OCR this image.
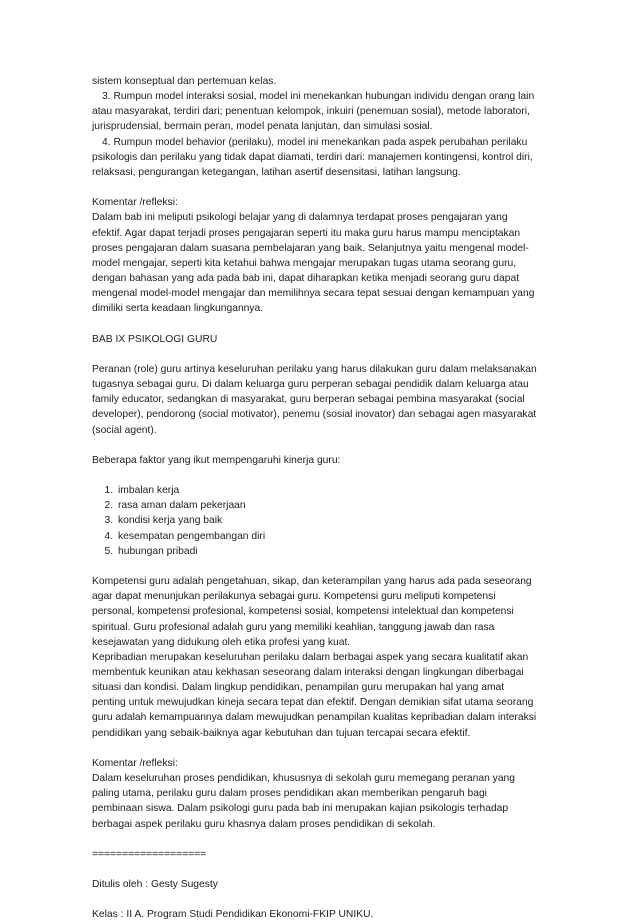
sistem konseptual dan pertemuan kelas.

3. Rumpun model interaksi sosial, model ini menekankan hubungan individu dengan orang lain

atau masyarakat, terdiri dari; penentuan kelompok, inkuiri (penemuan sosial), metode laboratori,

jurisprudensial, bermain peran, model penata lanjutan, dan simulasi sosial.

4. Rumpun model behavior (perilaku), model ini menekankan pada aspek perubahan perilaku

psikologis dan perilaku yang tidak dapat diamati, terdiri dari: manajemen kontingensi, kontrol diri,

relaksasi, pengurangan ketegangan, latihan asertif desensitasi, latihan langsung.

Komentar /refleksi:

Dalam bab ini meliputi psikologi belajar yang di dalamnya terdapat proses pengajaran yang

efektif. Agar dapat terjadi proses pengajaran seperti itu maka guru harus mampu menciptakan

proses pengajaran dalam suasana pembelajaran yang baik. Selanjutnya yaitu mengenal model-

model mengajar, seperti kita ketahui bahwa mengajar merupakan tugas utama seorang guru,

dengan bahasan yang ada pada bab ini, dapat diharapkan ketika menjadi seorang guru dapat

mengenal model-model mengajar dan memilihnya secara tepat sesuai dengan kemampuan yang

dimiliki serta keadaan lingkungannya.

BAB IX PSIKOLOGI GURU

Peranan (role) guru artinya keseluruhan perilaku yang harus dilakukan guru dalam melaksanakan

tugasnya sebagai guru. Di dalam keluarga guru perperan sebagai pendidik dalam keluarga atau

family educator, sedangkan di masyarakat, guru berperan sebagai pembina masyarakat (social

developer), pendorong (social motivator), penemu (sosial inovator) dan sebagai agen masyarakat

(social agent).

Beberapa faktor yang ikut mempengaruhi kinerja guru:

1. imbalan kerja
2. rasa aman dalam pekerjaan
3. kondisi kerja yang baik
4. kesempatan pengembangan diri
5. hubungan pribadi

Kompetensi guru adalah pengetahuan, sikap, dan keterampilan yang harus ada pada seseorang

agar dapat menunjukan perilakunya sebagai guru. Kompetensi guru meliputi kompetensi

personal, kompetensi profesional, kompetensi sosial, kompetensi intelektual dan kompetensi

spiritual. Guru profesional adalah guru yang memiliki keahlian, tanggung jawab dan rasa

kesejawatan yang didukung oleh etika profesi yang kuat.

Kepribadian merupakan keseluruhan perilaku dalam berbagai aspek yang secara kualitatif akan

membentuk keunikan atau kekhasan seseorang dalam interaksi dengan lingkungan diberbagai

situasi dan kondisi. Dalam lingkup pendidikan, penampilan guru merupakan hal yang amat

penting untuk mewujudkan kineja secara tepat dan efektif. Dengan demikian sifat utama seorang

guru adalah kemampuannya dalam mewujudkan penampilan kualitas kepribadian dalam interaksi

pendidikan yang sebaik-baiknya agar kebutuhan dan tujuan tercapai secara efektif.

Komentar /refleksi:

Dalam keseluruhan proses pendidikan, khususnya di sekolah guru memegang peranan yang

paling utama, perilaku guru dalam proses pendidikan akan memberikan pengaruh bagi

pembinaan siswa. Dalam psikologi guru pada bab ini merupakan kajian psikologis terhadap

berbagai aspek perilaku guru khasnya dalam proses pendidikan di sekolah.

===================

Ditulis oleh : Gesty Sugesty

Kelas : II A. Program Studi Pendidikan Ekonomi-FKIP UNIKU.
